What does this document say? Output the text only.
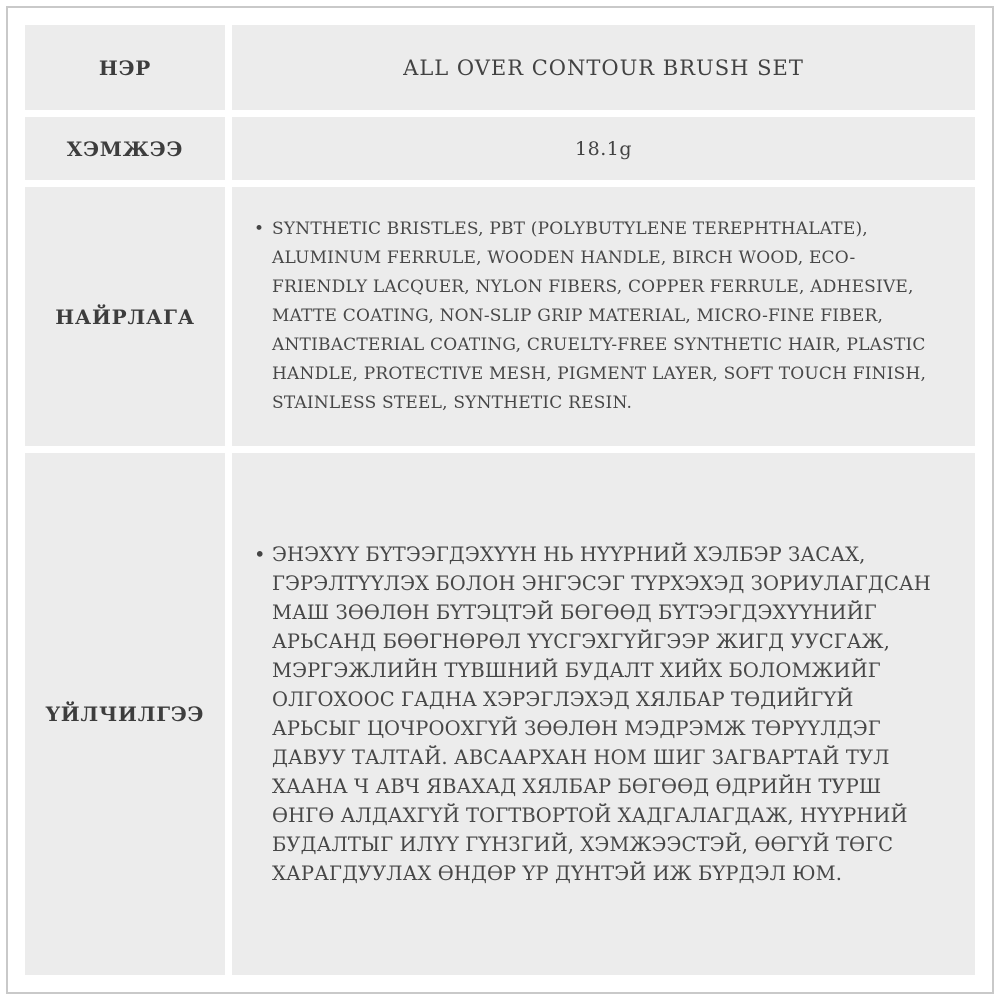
НЭР	ALL OVER CONTOUR BRUSH SET
ХЭМЖЭЭ	18.1g
НАЙРЛАГА
• SYNTHETIC BRISTLES, PBT (POLYBUTYLENE TEREPHTHALATE), ALUMINUM FERRULE, WOODEN HANDLE, BIRCH WOOD, ECO-FRIENDLY LACQUER, NYLON FIBERS, COPPER FERRULE, ADHESIVE, MATTE COATING, NON-SLIP GRIP MATERIAL, MICRO-FINE FIBER, ANTIBACTERIAL COATING, CRUELTY-FREE SYNTHETIC HAIR, PLASTIC HANDLE, PROTECTIVE MESH, PIGMENT LAYER, SOFT TOUCH FINISH, STAINLESS STEEL, SYNTHETIC RESIN.
ҮЙЛЧИЛГЭЭ
• ЭНЭХҮҮ БҮТЭЭГДЭХҮҮН НЬ НҮҮРНИЙ ХЭЛБЭР ЗАСАХ, ГЭРЭЛТҮҮЛЭХ БОЛОН ЭНГЭСЭГ ТҮРХЭХЭД ЗОРИУЛАГДСАН МАШ ЗӨӨЛӨН БҮТЭЦТЭЙ БӨГӨӨД БҮТЭЭГДЭХҮҮНИЙГ АРЬСАНД БӨӨГНӨРӨЛ ҮҮСГЭХГҮЙГЭЭР ЖИГД УУСГАЖ, МЭРГЭЖЛИЙН ТҮВШНИЙ БУДАЛТ ХИЙХ БОЛОМЖИЙГ ОЛГОХООС ГАДНА ХЭРЭГЛЭХЭД ХЯЛБАР ТӨДИЙГҮЙ АРЬСЫГ ЦОЧРООХГҮЙ ЗӨӨЛӨН МЭДРЭМЖ ТӨРҮҮЛДЭГ ДАВУУ ТАЛТАЙ. АВСААРХАН НОМ ШИГ ЗАГВАРТАЙ ТУЛ ХААНА Ч АВЧ ЯВАХАД ХЯЛБАР БӨГӨӨД ӨДРИЙН ТУРШ ӨНГӨ АЛДАХГҮЙ ТОГТВОРТОЙ ХАДГАЛАГДАЖ, НҮҮРНИЙ БУДАЛТЫГ ИЛҮҮ ГҮНЗГИЙ, ХЭМЖЭЭСТЭЙ, ӨӨГҮЙ ТӨГС ХАРАГДУУЛАХ ӨНДӨР ҮР ДҮНТЭЙ ИЖ БҮРДЭЛ ЮМ.
